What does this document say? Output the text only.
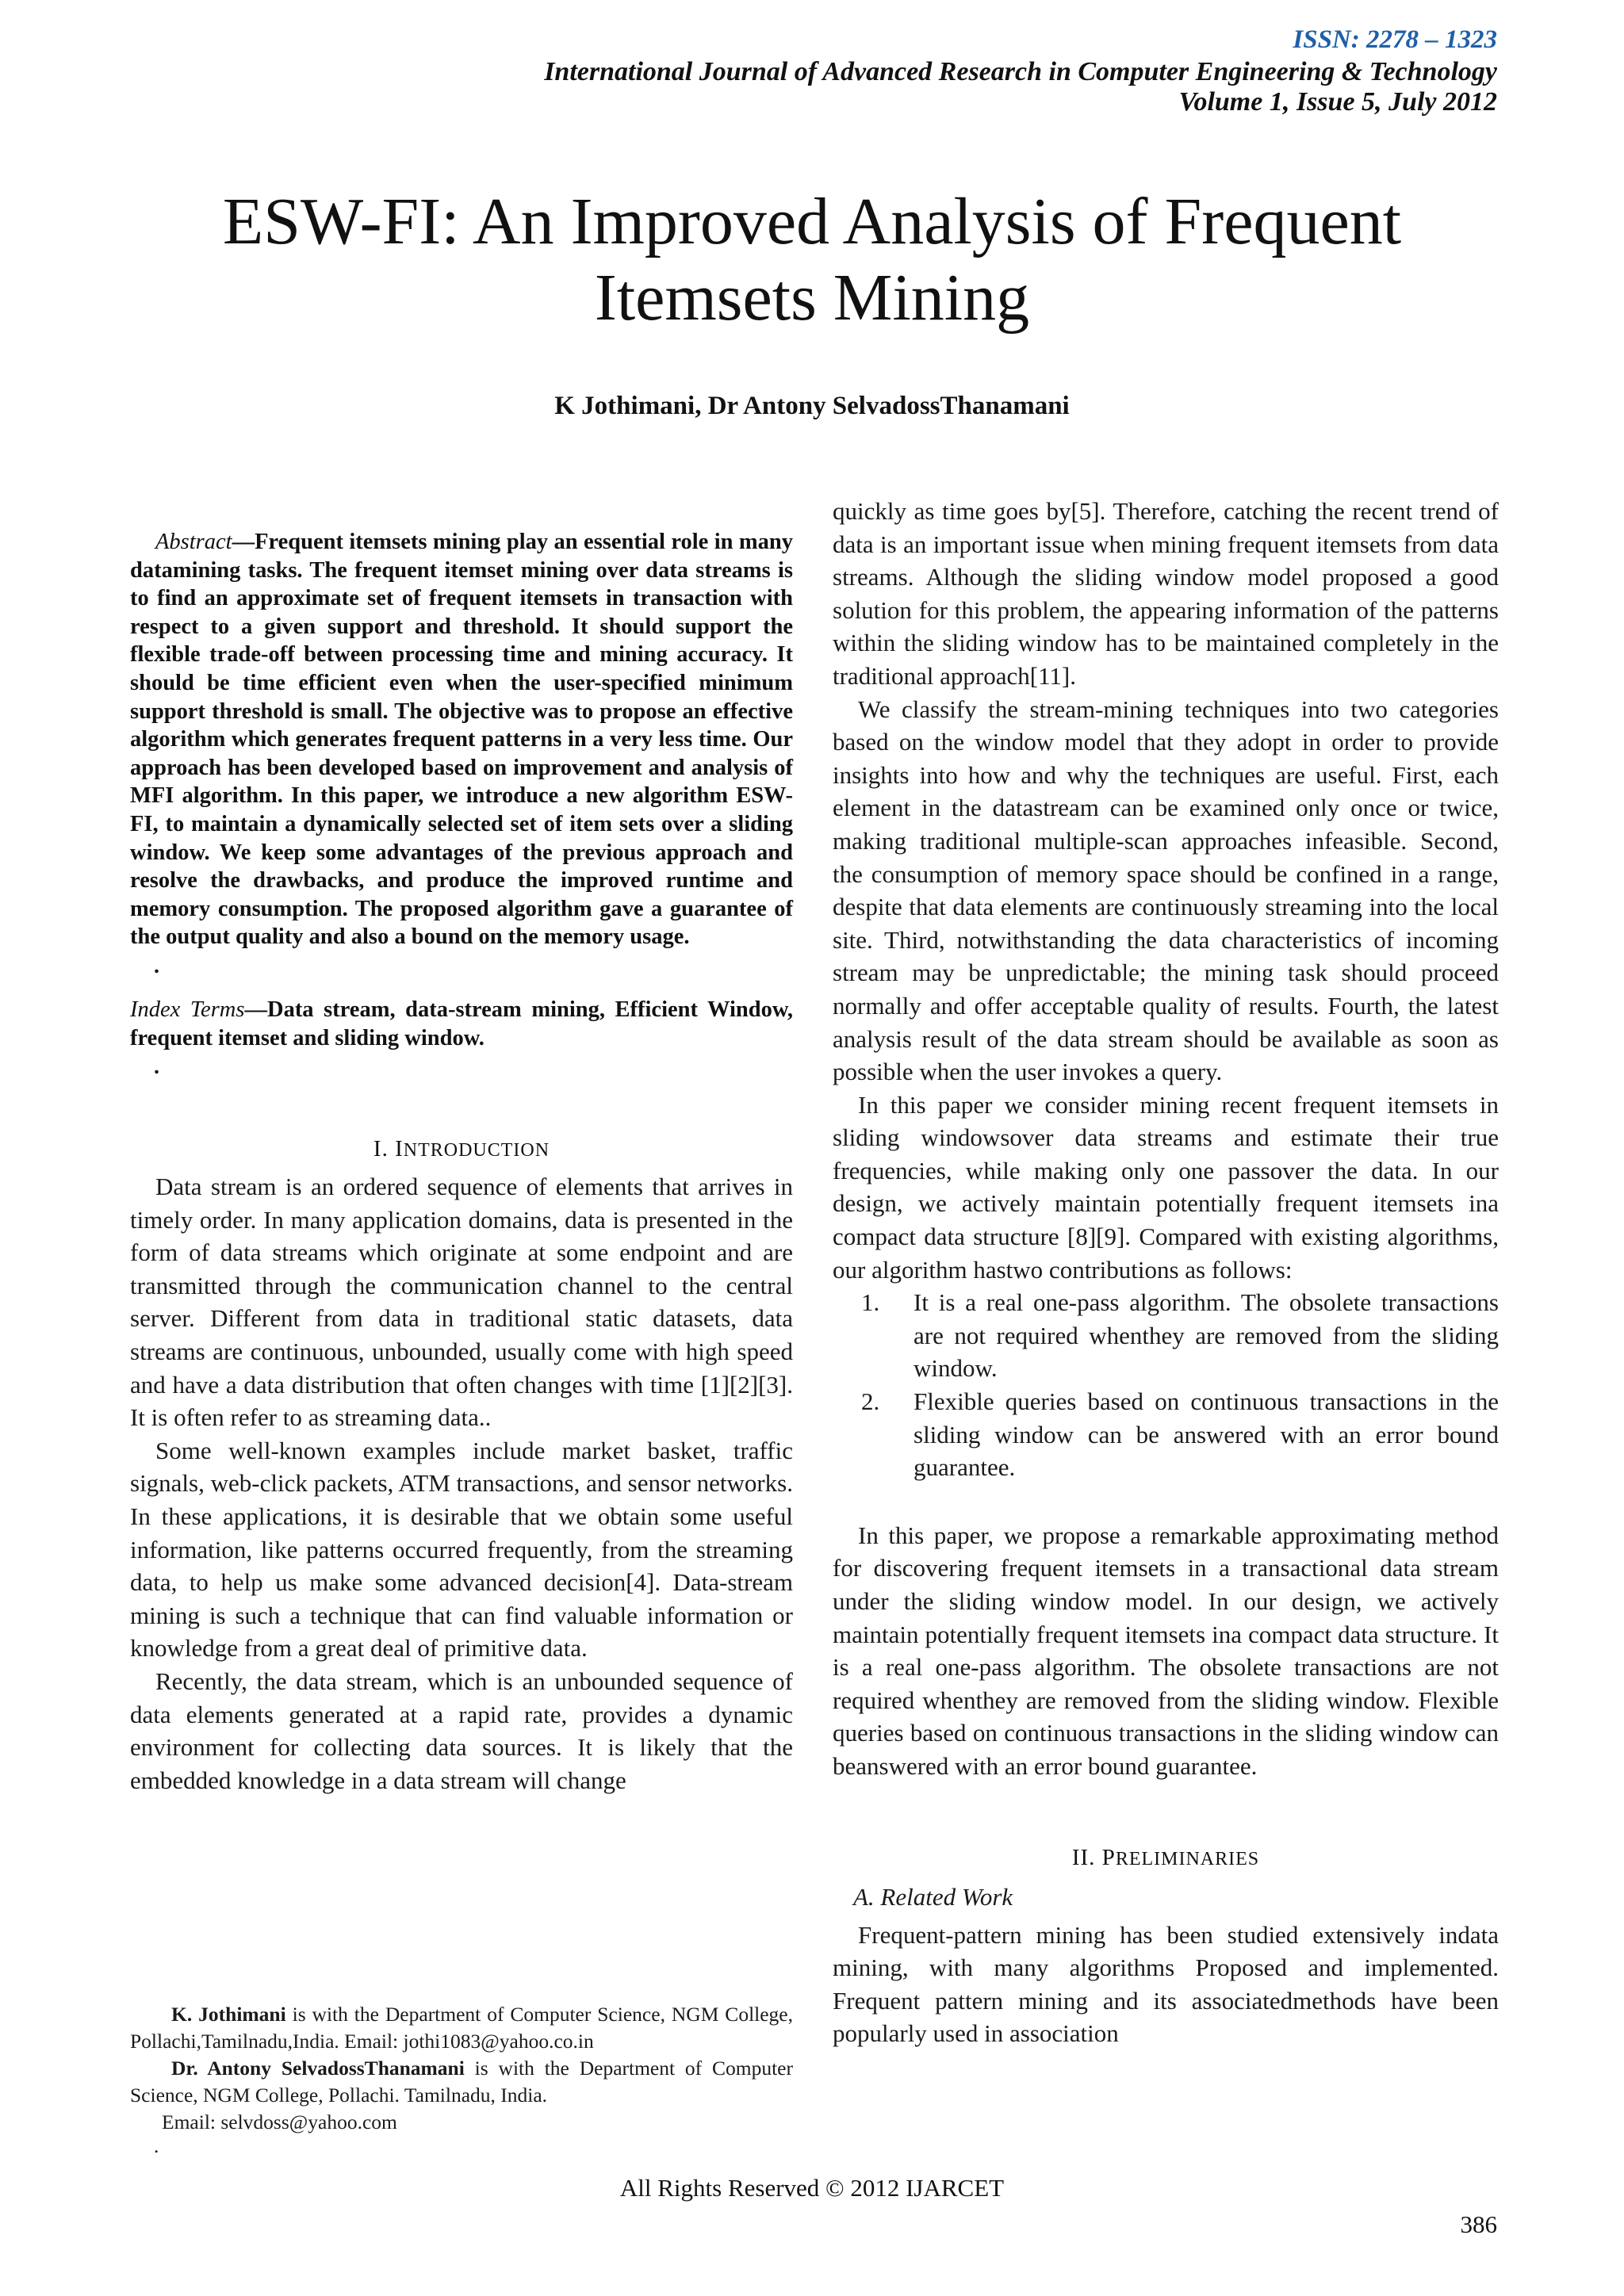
ISSN: 2278 – 1323
International Journal of Advanced Research in Computer Engineering & Technology
Volume 1, Issue 5, July 2012
ESW-FI: An Improved Analysis of Frequent
Itemsets Mining
K Jothimani, Dr Antony SelvadossThanamani

Abstract—Frequent itemsets mining play an essential role in many datamining tasks. The frequent itemset mining over data streams is to find an approximate set of frequent itemsets in transaction with respect to a given support and threshold. It should support the flexible trade-off between processing time and mining accuracy. It should be time efficient even when the user-specified minimum support threshold is small. The objective was to propose an effective algorithm which generates frequent patterns in a very less time. Our approach has been developed based on improvement and analysis of MFI algorithm. In this paper, we introduce a new algorithm ESW-FI, to maintain a dynamically selected set of item sets over a sliding window. We keep some advantages of the previous approach and resolve the drawbacks, and produce the improved runtime and memory consumption. The proposed algorithm gave a guarantee of the output quality and also a bound on the memory usage.

.

Index Terms—Data stream, data-stream mining, Efficient Window, frequent itemset and sliding window.

.

I. INTRODUCTION

Data stream is an ordered sequence of elements that arrives in timely order. In many application domains, data is presented in the form of data streams which originate at some endpoint and are transmitted through the communication channel to the central server. Different from data in traditional static datasets, data streams are continuous, unbounded, usually come with high speed and have a data distribution that often changes with time [1][2][3]. It is often refer to as streaming data..

Some well-known examples include market basket, traffic signals, web-click packets, ATM transactions, and sensor networks. In these applications, it is desirable that we obtain some useful information, like patterns occurred frequently, from the streaming data, to help us make some advanced decision[4]. Data-stream mining is such a technique that can find valuable information or knowledge from a great deal of primitive data.

Recently, the data stream, which is an unbounded sequence of data elements generated at a rapid rate, provides a dynamic environment for collecting data sources. It is likely that the embedded knowledge in a data stream will change

quickly as time goes by[5]. Therefore, catching the recent trend of data is an important issue when mining frequent itemsets from data streams. Although the sliding window model proposed a good solution for this problem, the appearing information of the patterns within the sliding window has to be maintained completely in the traditional approach[11].

We classify the stream-mining techniques into two categories based on the window model that they adopt in order to provide insights into how and why the techniques are useful. First, each element in the datastream can be examined only once or twice, making traditional multiple-scan approaches infeasible. Second, the consumption of memory space should be confined in a range, despite that data elements are continuously streaming into the local site. Third, notwithstanding the data characteristics of incoming stream may be unpredictable; the mining task should proceed normally and offer acceptable quality of results. Fourth, the latest analysis result of the data stream should be available as soon as possible when the user invokes a query.

In this paper we consider mining recent frequent itemsets in sliding windowsover data streams and estimate their true frequencies, while making only one passover the data. In our design, we actively maintain potentially frequent itemsets ina compact data structure [8][9]. Compared with existing algorithms, our algorithm hastwo contributions as follows:

1. It is a real one-pass algorithm. The obsolete transactions are not required whenthey are removed from the sliding window.
2. Flexible queries based on continuous transactions in the sliding window can be answered with an error bound guarantee.

In this paper, we propose a remarkable approximating method for discovering frequent itemsets in a transactional data stream under the sliding window model. In our design, we actively maintain potentially frequent itemsets ina compact data structure. It is a real one-pass algorithm. The obsolete transactions are not required whenthey are removed from the sliding window. Flexible queries based on continuous transactions in the sliding window can beanswered with an error bound guarantee.

II. PRELIMINARIES

A. Related Work

Frequent-pattern mining has been studied extensively indata mining, with many algorithms Proposed and implemented. Frequent pattern mining and its associatedmethods have been popularly used in association

K. Jothimani is with the Department of Computer Science, NGM College, Pollachi,Tamilnadu,India. Email: jothi1083@yahoo.co.in

Dr. Antony SelvadossThanamani is with the Department of Computer Science, NGM College, Pollachi. Tamilnadu, India.

Email: selvdoss@yahoo.com

.

All Rights Reserved © 2012 IJARCET
386
